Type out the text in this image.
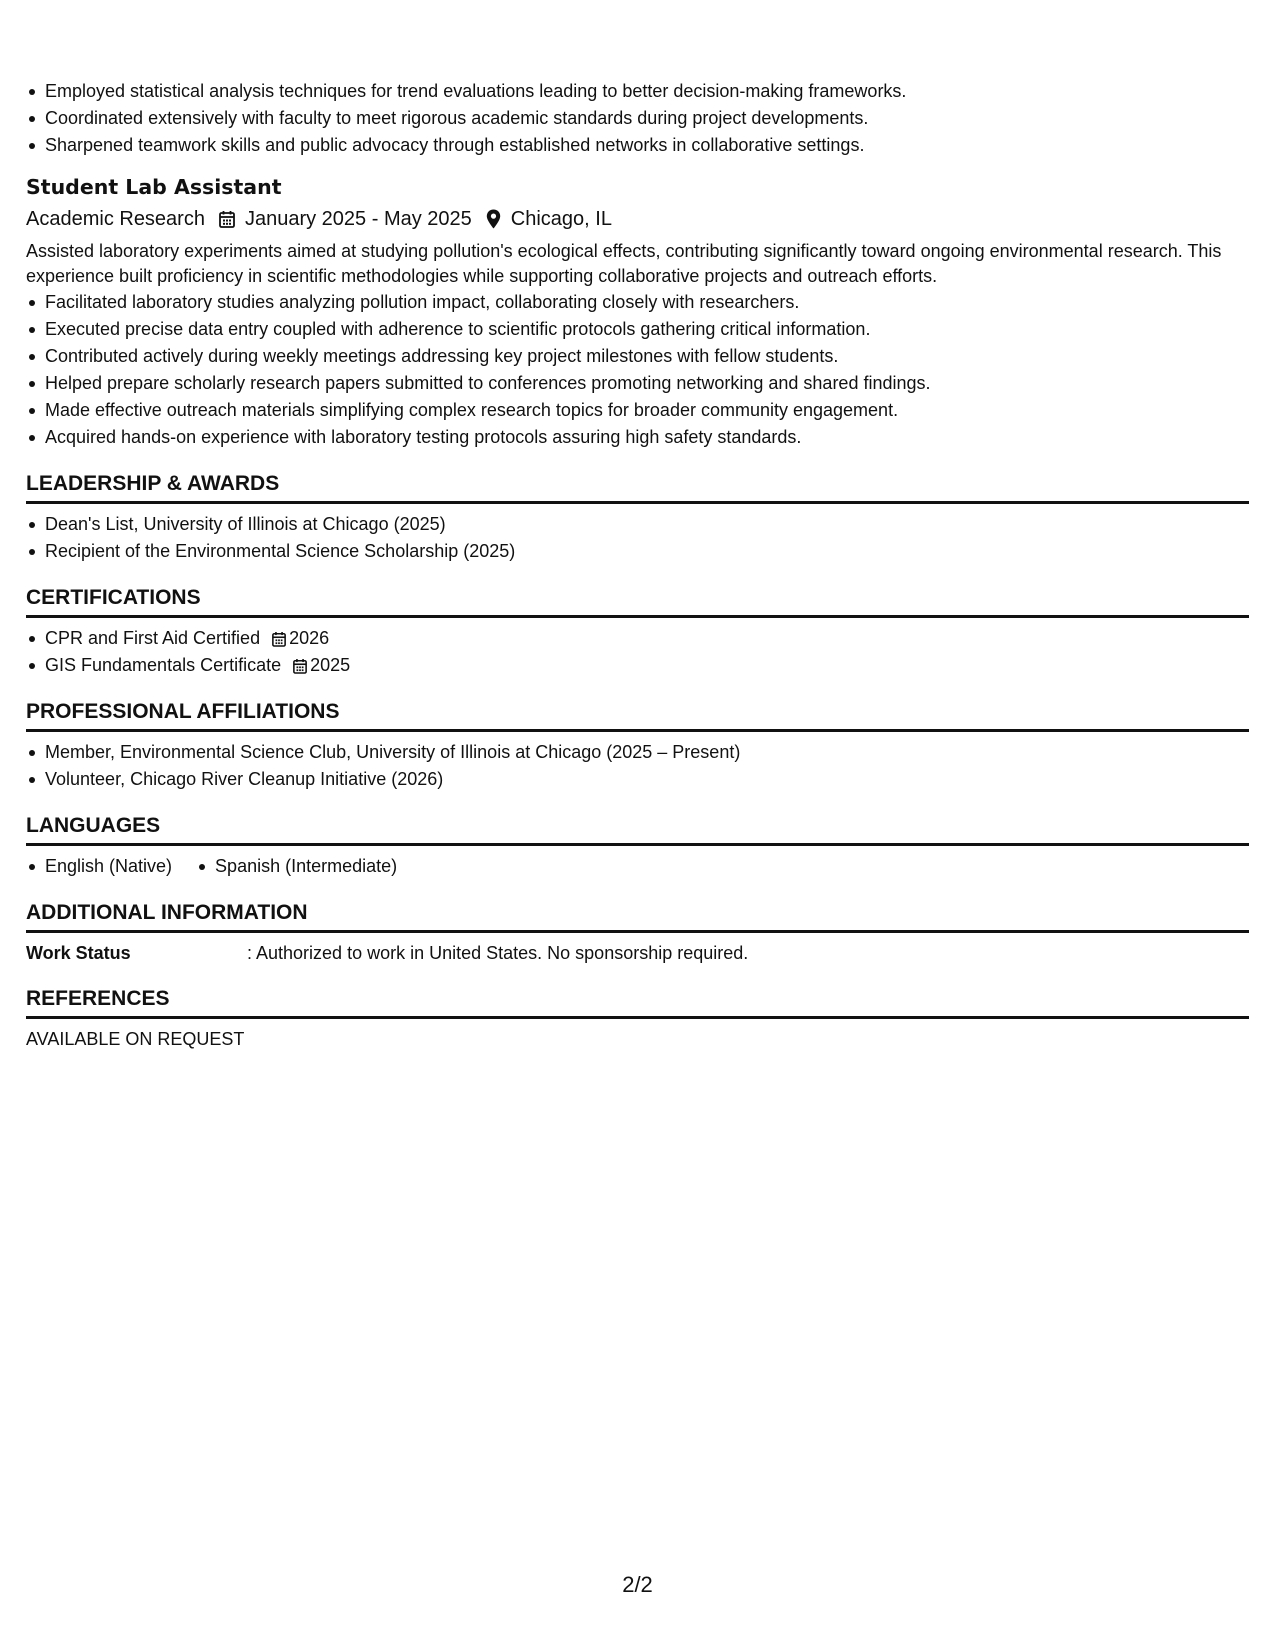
Employed statistical analysis techniques for trend evaluations leading to better decision-making frameworks.
Coordinated extensively with faculty to meet rigorous academic standards during project developments.
Sharpened teamwork skills and public advocacy through established networks in collaborative settings.
Student Lab Assistant
Academic Research January 2025 - May 2025 Chicago, IL
Assisted laboratory experiments aimed at studying pollution's ecological effects, contributing significantly toward ongoing environmental research. This experience built proficiency in scientific methodologies while supporting collaborative projects and outreach efforts.
Facilitated laboratory studies analyzing pollution impact, collaborating closely with researchers.
Executed precise data entry coupled with adherence to scientific protocols gathering critical information.
Contributed actively during weekly meetings addressing key project milestones with fellow students.
Helped prepare scholarly research papers submitted to conferences promoting networking and shared findings.
Made effective outreach materials simplifying complex research topics for broader community engagement.
Acquired hands-on experience with laboratory testing protocols assuring high safety standards.
LEADERSHIP & AWARDS
Dean's List, University of Illinois at Chicago (2025)
Recipient of the Environmental Science Scholarship (2025)
CERTIFICATIONS
CPR and First Aid Certified 2026
GIS Fundamentals Certificate 2025
PROFESSIONAL AFFILIATIONS
Member, Environmental Science Club, University of Illinois at Chicago (2025 – Present)
Volunteer, Chicago River Cleanup Initiative (2026)
LANGUAGES
English (Native)	Spanish (Intermediate)
ADDITIONAL INFORMATION
Work Status	: Authorized to work in United States. No sponsorship required.
REFERENCES
AVAILABLE ON REQUEST
2/2
